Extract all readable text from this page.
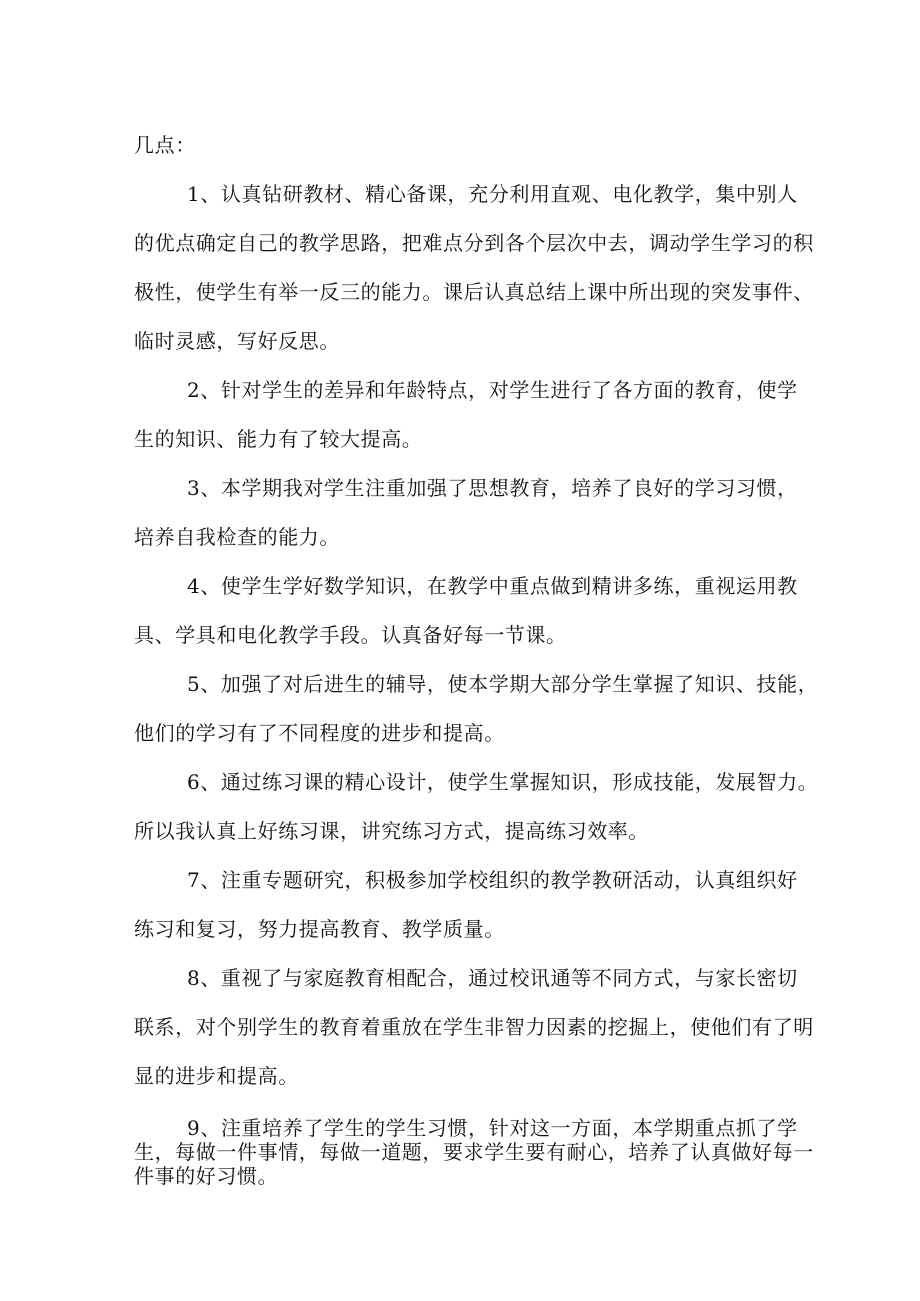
几点：
1、认真钻研教材、精心备课，充分利用直观、电化教学，集中别人
的优点确定自己的教学思路，把难点分到各个层次中去，调动学生学习的积
极性，使学生有举一反三的能力。课后认真总结上课中所出现的突发事件、
临时灵感，写好反思。
2、针对学生的差异和年龄特点，对学生进行了各方面的教育，使学
生的知识、能力有了较大提高。
3、本学期我对学生注重加强了思想教育，培养了良好的学习习惯，
培养自我检查的能力。
4、使学生学好数学知识，在教学中重点做到精讲多练，重视运用教
具、学具和电化教学手段。认真备好每一节课。
5、加强了对后进生的辅导，使本学期大部分学生掌握了知识、技能，
他们的学习有了不同程度的进步和提高。
6、通过练习课的精心设计，使学生掌握知识，形成技能，发展智力。
所以我认真上好练习课，讲究练习方式，提高练习效率。
7、注重专题研究，积极参加学校组织的教学教研活动，认真组织好
练习和复习，努力提高教育、教学质量。
8、重视了与家庭教育相配合，通过校讯通等不同方式，与家长密切
联系，对个别学生的教育着重放在学生非智力因素的挖掘上，使他们有了明
显的进步和提高。
9、注重培养了学生的学生习惯，针对这一方面，本学期重点抓了学
生，每做一件事情，每做一道题，要求学生要有耐心，培养了认真做好每一
件事的好习惯。
